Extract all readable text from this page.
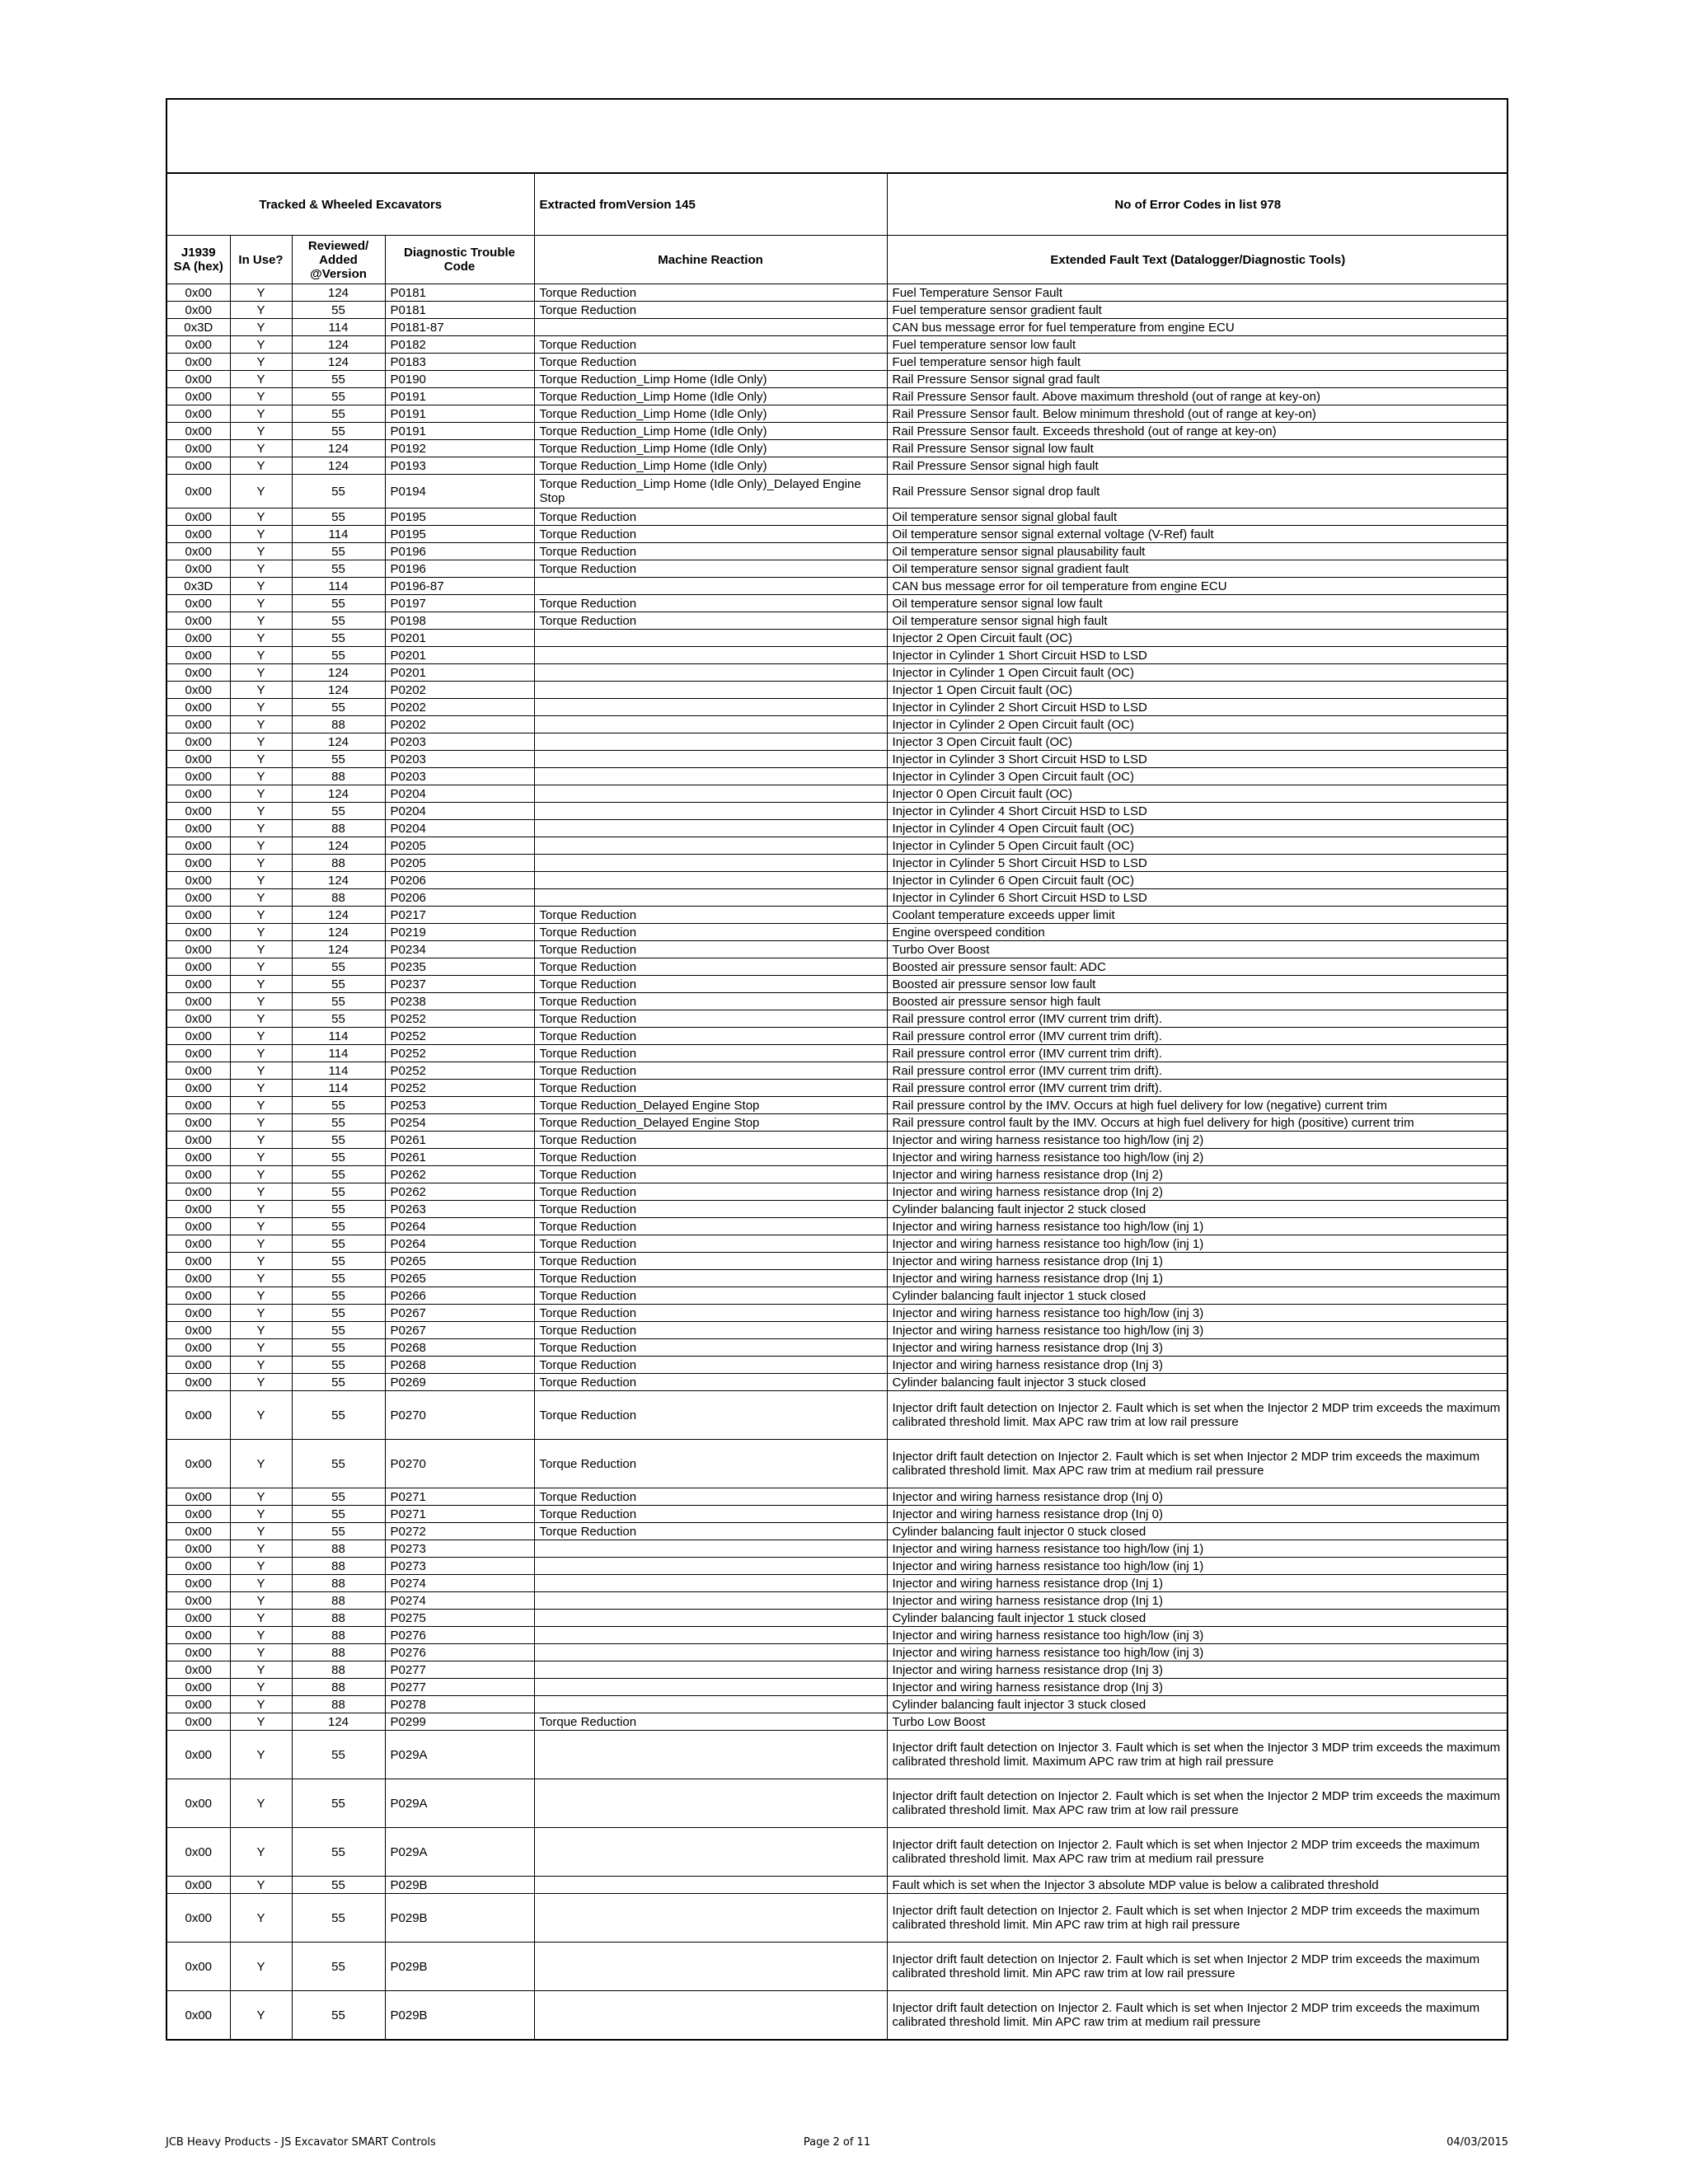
Tracked & Wheeled Excavators				Extracted fromVersion 145	No of Error Codes in list 978
J1939 SA (hex)	In Use?	Reviewed/ Added @Version	Diagnostic Trouble Code	Machine Reaction	Extended Fault Text (Datalogger/Diagnostic Tools)
0x00	Y	124	P0181	Torque Reduction	Fuel Temperature Sensor Fault
0x00	Y	55	P0181	Torque Reduction	Fuel temperature sensor gradient fault
0x3D	Y	114	P0181-87		CAN bus message error for fuel temperature from engine ECU
0x00	Y	124	P0182	Torque Reduction	Fuel temperature sensor low fault
0x00	Y	124	P0183	Torque Reduction	Fuel temperature sensor high fault
0x00	Y	55	P0190	Torque Reduction_Limp Home (Idle Only)	Rail Pressure Sensor signal grad fault
0x00	Y	55	P0191	Torque Reduction_Limp Home (Idle Only)	Rail Pressure Sensor fault. Above maximum threshold (out of range at key-on)
0x00	Y	55	P0191	Torque Reduction_Limp Home (Idle Only)	Rail Pressure Sensor fault. Below minimum threshold (out of range at key-on)
0x00	Y	55	P0191	Torque Reduction_Limp Home (Idle Only)	Rail Pressure Sensor fault. Exceeds threshold (out of range at key-on)
0x00	Y	124	P0192	Torque Reduction_Limp Home (Idle Only)	Rail Pressure Sensor signal low fault
0x00	Y	124	P0193	Torque Reduction_Limp Home (Idle Only)	Rail Pressure Sensor signal high fault
0x00	Y	55	P0194	Torque Reduction_Limp Home (Idle Only)_Delayed Engine Stop	Rail Pressure Sensor signal drop fault
0x00	Y	55	P0195	Torque Reduction	Oil temperature sensor signal global fault
0x00	Y	114	P0195	Torque Reduction	Oil temperature sensor signal external voltage (V-Ref) fault
0x00	Y	55	P0196	Torque Reduction	Oil temperature sensor signal plausability fault
0x00	Y	55	P0196	Torque Reduction	Oil temperature sensor signal gradient fault
0x3D	Y	114	P0196-87		CAN bus message error for oil temperature from engine ECU
0x00	Y	55	P0197	Torque Reduction	Oil temperature sensor signal low fault
0x00	Y	55	P0198	Torque Reduction	Oil temperature sensor signal high fault
0x00	Y	55	P0201		Injector 2 Open Circuit fault (OC)
0x00	Y	55	P0201		Injector in Cylinder 1 Short Circuit HSD to LSD
0x00	Y	124	P0201		Injector in Cylinder 1 Open Circuit fault (OC)
0x00	Y	124	P0202		Injector 1 Open Circuit fault (OC)
0x00	Y	55	P0202		Injector in Cylinder 2 Short Circuit HSD to LSD
0x00	Y	88	P0202		Injector in Cylinder 2 Open Circuit fault (OC)
0x00	Y	124	P0203		Injector 3 Open Circuit fault (OC)
0x00	Y	55	P0203		Injector in Cylinder 3 Short Circuit HSD to LSD
0x00	Y	88	P0203		Injector in Cylinder 3 Open Circuit fault (OC)
0x00	Y	124	P0204		Injector 0 Open Circuit fault (OC)
0x00	Y	55	P0204		Injector in Cylinder 4 Short Circuit HSD to LSD
0x00	Y	88	P0204		Injector in Cylinder 4 Open Circuit fault (OC)
0x00	Y	124	P0205		Injector in Cylinder 5 Open Circuit fault (OC)
0x00	Y	88	P0205		Injector in Cylinder 5 Short Circuit HSD to LSD
0x00	Y	124	P0206		Injector in Cylinder 6 Open Circuit fault (OC)
0x00	Y	88	P0206		Injector in Cylinder 6 Short Circuit HSD to LSD
0x00	Y	124	P0217	Torque Reduction	Coolant temperature exceeds upper limit
0x00	Y	124	P0219	Torque Reduction	Engine overspeed condition
0x00	Y	124	P0234	Torque Reduction	Turbo Over Boost
0x00	Y	55	P0235	Torque Reduction	Boosted air pressure sensor fault: ADC
0x00	Y	55	P0237	Torque Reduction	Boosted air pressure sensor low fault
0x00	Y	55	P0238	Torque Reduction	Boosted air pressure sensor high fault
0x00	Y	55	P0252	Torque Reduction	Rail pressure control error (IMV current trim drift).
0x00	Y	114	P0252	Torque Reduction	Rail pressure control error (IMV current trim drift).
0x00	Y	114	P0252	Torque Reduction	Rail pressure control error (IMV current trim drift).
0x00	Y	114	P0252	Torque Reduction	Rail pressure control error (IMV current trim drift).
0x00	Y	114	P0252	Torque Reduction	Rail pressure control error (IMV current trim drift).
0x00	Y	55	P0253	Torque Reduction_Delayed Engine Stop	Rail pressure control by the IMV. Occurs at high fuel delivery for low (negative) current trim
0x00	Y	55	P0254	Torque Reduction_Delayed Engine Stop	Rail pressure control fault by the IMV. Occurs at high fuel delivery for high (positive) current trim
0x00	Y	55	P0261	Torque Reduction	Injector and wiring harness resistance too high/low (inj 2)
0x00	Y	55	P0261	Torque Reduction	Injector and wiring harness resistance too high/low (inj 2)
0x00	Y	55	P0262	Torque Reduction	Injector and wiring harness resistance drop (Inj 2)
0x00	Y	55	P0262	Torque Reduction	Injector and wiring harness resistance drop (Inj 2)
0x00	Y	55	P0263	Torque Reduction	Cylinder balancing fault injector 2 stuck closed
0x00	Y	55	P0264	Torque Reduction	Injector and wiring harness resistance too high/low (inj 1)
0x00	Y	55	P0264	Torque Reduction	Injector and wiring harness resistance too high/low (inj 1)
0x00	Y	55	P0265	Torque Reduction	Injector and wiring harness resistance drop (Inj 1)
0x00	Y	55	P0265	Torque Reduction	Injector and wiring harness resistance drop (Inj 1)
0x00	Y	55	P0266	Torque Reduction	Cylinder balancing fault injector 1 stuck closed
0x00	Y	55	P0267	Torque Reduction	Injector and wiring harness resistance too high/low (inj 3)
0x00	Y	55	P0267	Torque Reduction	Injector and wiring harness resistance too high/low (inj 3)
0x00	Y	55	P0268	Torque Reduction	Injector and wiring harness resistance drop (Inj 3)
0x00	Y	55	P0268	Torque Reduction	Injector and wiring harness resistance drop (Inj 3)
0x00	Y	55	P0269	Torque Reduction	Cylinder balancing fault injector 3 stuck closed
0x00	Y	55	P0270	Torque Reduction	Injector drift fault detection on Injector 2. Fault which is set when the Injector 2 MDP trim exceeds the maximum calibrated threshold limit. Max APC raw trim at low rail pressure
0x00	Y	55	P0270	Torque Reduction	Injector drift fault detection on Injector 2. Fault which is set when Injector 2 MDP trim exceeds the maximum calibrated threshold limit. Max APC raw trim at medium rail pressure
0x00	Y	55	P0271	Torque Reduction	Injector and wiring harness resistance drop (Inj 0)
0x00	Y	55	P0271	Torque Reduction	Injector and wiring harness resistance drop (Inj 0)
0x00	Y	55	P0272	Torque Reduction	Cylinder balancing fault injector 0 stuck closed
0x00	Y	88	P0273		Injector and wiring harness resistance too high/low (inj 1)
0x00	Y	88	P0273		Injector and wiring harness resistance too high/low (inj 1)
0x00	Y	88	P0274		Injector and wiring harness resistance drop (Inj 1)
0x00	Y	88	P0274		Injector and wiring harness resistance drop (Inj 1)
0x00	Y	88	P0275		Cylinder balancing fault injector 1 stuck closed
0x00	Y	88	P0276		Injector and wiring harness resistance too high/low (inj 3)
0x00	Y	88	P0276		Injector and wiring harness resistance too high/low (inj 3)
0x00	Y	88	P0277		Injector and wiring harness resistance drop (Inj 3)
0x00	Y	88	P0277		Injector and wiring harness resistance drop (Inj 3)
0x00	Y	88	P0278		Cylinder balancing fault injector 3 stuck closed
0x00	Y	124	P0299	Torque Reduction	Turbo Low Boost
0x00	Y	55	P029A		Injector drift fault detection on Injector 3. Fault which is set when the Injector 3 MDP trim exceeds the maximum calibrated threshold limit. Maximum APC raw trim at high rail pressure
0x00	Y	55	P029A		Injector drift fault detection on Injector 2. Fault which is set when the Injector 2 MDP trim exceeds the maximum calibrated threshold limit. Max APC raw trim at low rail pressure
0x00	Y	55	P029A		Injector drift fault detection on Injector 2. Fault which is set when Injector 2 MDP trim exceeds the maximum calibrated threshold limit. Max APC raw trim at medium rail pressure
0x00	Y	55	P029B		Fault which is set when the Injector 3 absolute MDP value is below a calibrated threshold
0x00	Y	55	P029B		Injector drift fault detection on Injector 2. Fault which is set when Injector 2 MDP trim exceeds the maximum calibrated threshold limit. Min APC raw trim at high rail pressure
0x00	Y	55	P029B		Injector drift fault detection on Injector 2. Fault which is set when Injector 2 MDP trim exceeds the maximum calibrated threshold limit. Min APC raw trim at low rail pressure
0x00	Y	55	P029B		Injector drift fault detection on Injector 2. Fault which is set when Injector 2 MDP trim exceeds the maximum calibrated threshold limit. Min APC raw trim at medium rail pressure
JCB Heavy Products - JS Excavator SMART Controls	Page 2 of 11	04/03/2015
